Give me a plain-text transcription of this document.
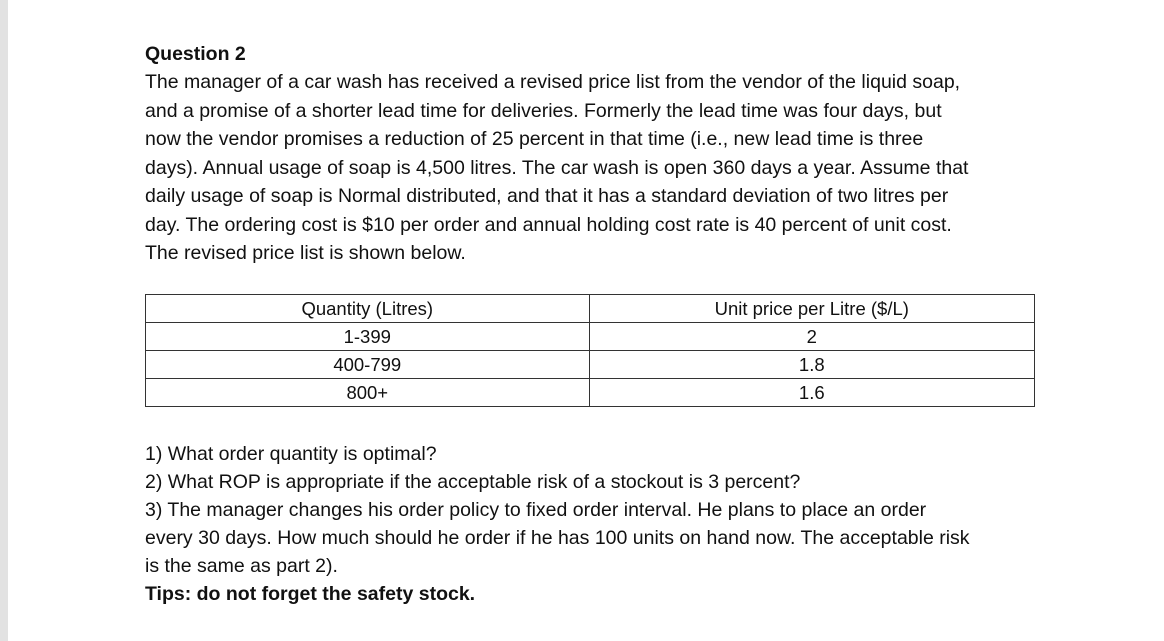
Question 2

The manager of a car wash has received a revised price list from the vendor of the liquid soap,
and a promise of a shorter lead time for deliveries. Formerly the lead time was four days, but
now the vendor promises a reduction of 25 percent in that time (i.e., new lead time is three
days). Annual usage of soap is 4,500 litres. The car wash is open 360 days a year. Assume that
daily usage of soap is Normal distributed, and that it has a standard deviation of two litres per
day. The ordering cost is $10 per order and annual holding cost rate is 40 percent of unit cost.
The revised price list is shown below.

Quantity (Litres)	Unit price per Litre ($/L)
1-399	2
400-799	1.8
800+	1.6
1) What order quantity is optimal?
2) What ROP is appropriate if the acceptable risk of a stockout is 3 percent?
3) The manager changes his order policy to fixed order interval. He plans to place an order
every 30 days. How much should he order if he has 100 units on hand now. The acceptable risk
is the same as part 2).
Tips: do not forget the safety stock.
